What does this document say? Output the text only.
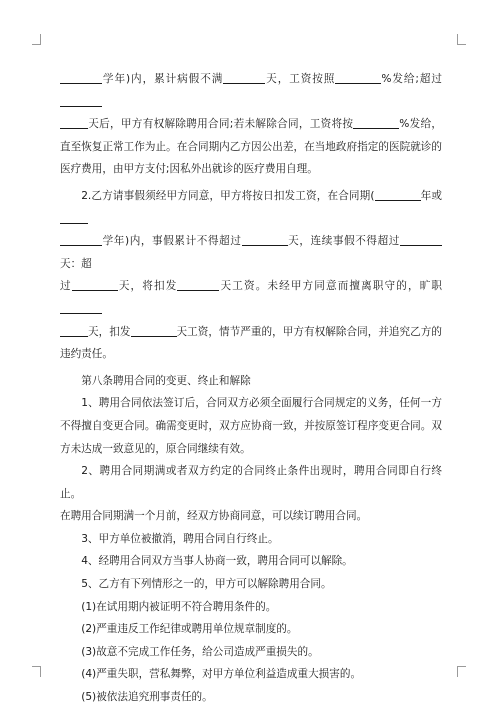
学年)内，累计病假不满	天，工资按照	%发给;超过
天后，甲方有权解除聘用合同;若未解除合同，工资将按	%发给，直至恢复正常工作为止。在合同期内乙方因公出差，在当地政府指定的医院就诊的医疗费用，由甲方支付;因私外出就诊的医疗费用自理。

2.乙方请事假须经甲方同意，甲方将按日扣发工资，在合同期(	年或
学年)内，事假累计不得超过	天，连续事假不得超过天：超
过	天，将扣发	天工资。未经甲方同意而擅离职守的，旷职
天，扣发	天工资，情节严重的，甲方有权解除合同，并追究乙方的违约责任。

第八条聘用合同的变更、终止和解除

1、聘用合同依法签订后，合同双方必须全面履行合同规定的义务，任何一方不得擅自变更合同。确需变更时，双方应协商一致，并按原签订程序变更合同。双方未达成一致意见的，原合同继续有效。

2、聘用合同期满或者双方约定的合同终止条件出现时，聘用合同即自行终止。

在聘用合同期满一个月前，经双方协商同意，可以续订聘用合同。

3、甲方单位被撤消，聘用合同自行终止。

4、经聘用合同双方当事人协商一致，聘用合同可以解除。

5、乙方有下列情形之一的，甲方可以解除聘用合同。

(1)在试用期内被证明不符合聘用条件的。

(2)严重违反工作纪律或聘用单位规章制度的。

(3)故意不完成工作任务，给公司造成严重损失的。

(4)严重失职，营私舞弊，对甲方单位利益造成重大损害的。

(5)被依法追究刑事责任的。
